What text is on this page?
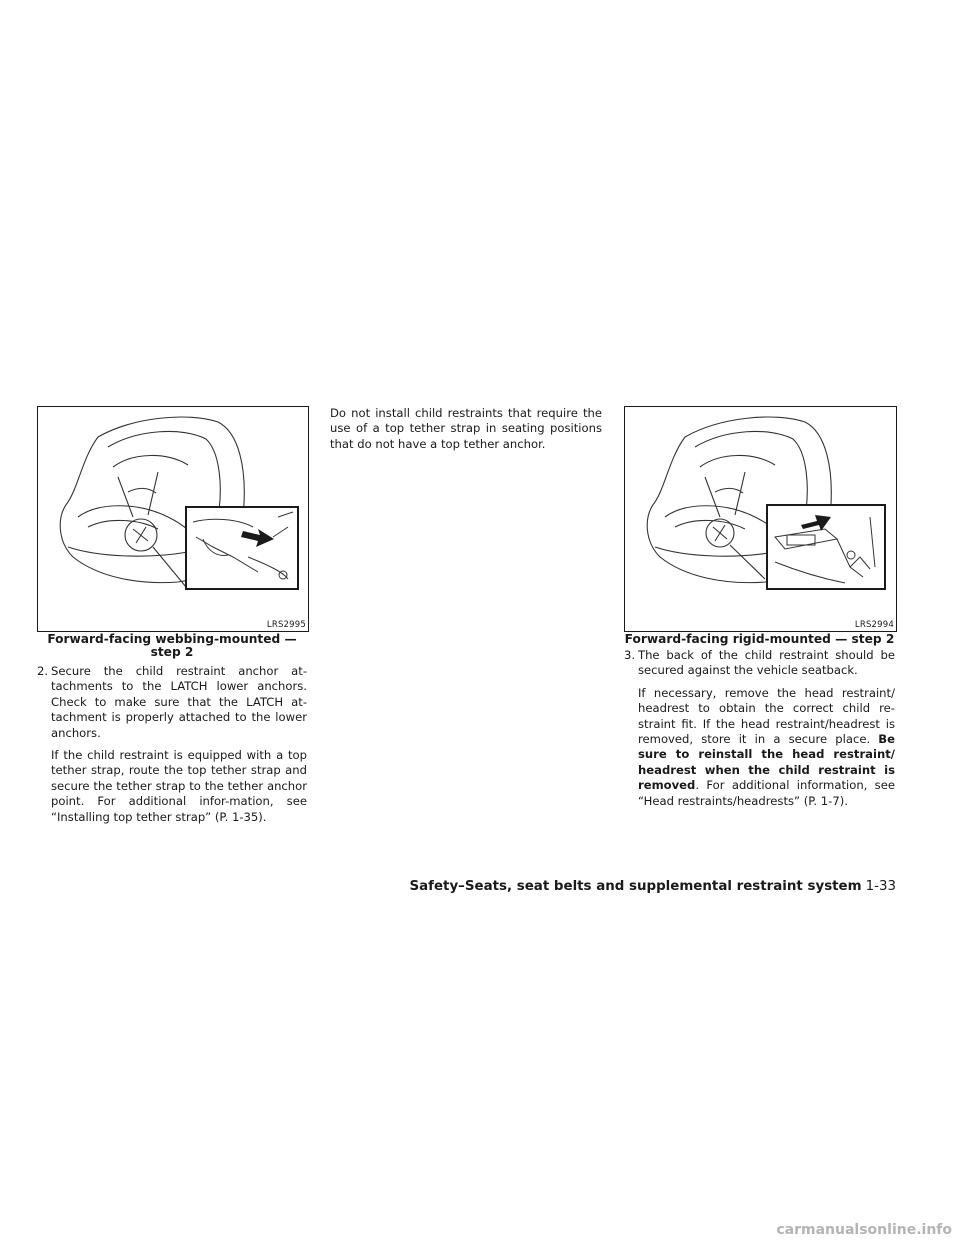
LRS2995
Forward-facing webbing-mounted —
step 2
2. Secure the child restraint anchor at-tachments to the LATCH lower anchors. Check to make sure that the LATCH at-tachment is properly attached to the lower anchors.
If the child restraint is equipped with a top tether strap, route the top tether strap and secure the tether strap to the tether anchor point. For additional infor-mation, see “Installing top tether strap” (P. 1-35).
Do not install child restraints that require the use of a top tether strap in seating positions that do not have a top tether anchor.
LRS2994
Forward-facing rigid-mounted — step 2
3. The back of the child restraint should be secured against the vehicle seatback.
If necessary, remove the head restraint/ headrest to obtain the correct child re-straint fit. If the head restraint/headrest is removed, store it in a secure place. Be sure to reinstall the head restraint/ headrest when the child restraint is removed. For additional information, see “Head restraints/headrests” (P. 1-7).
Safety–Seats, seat belts and supplemental restraint system 1-33
carmanualsonline.info
